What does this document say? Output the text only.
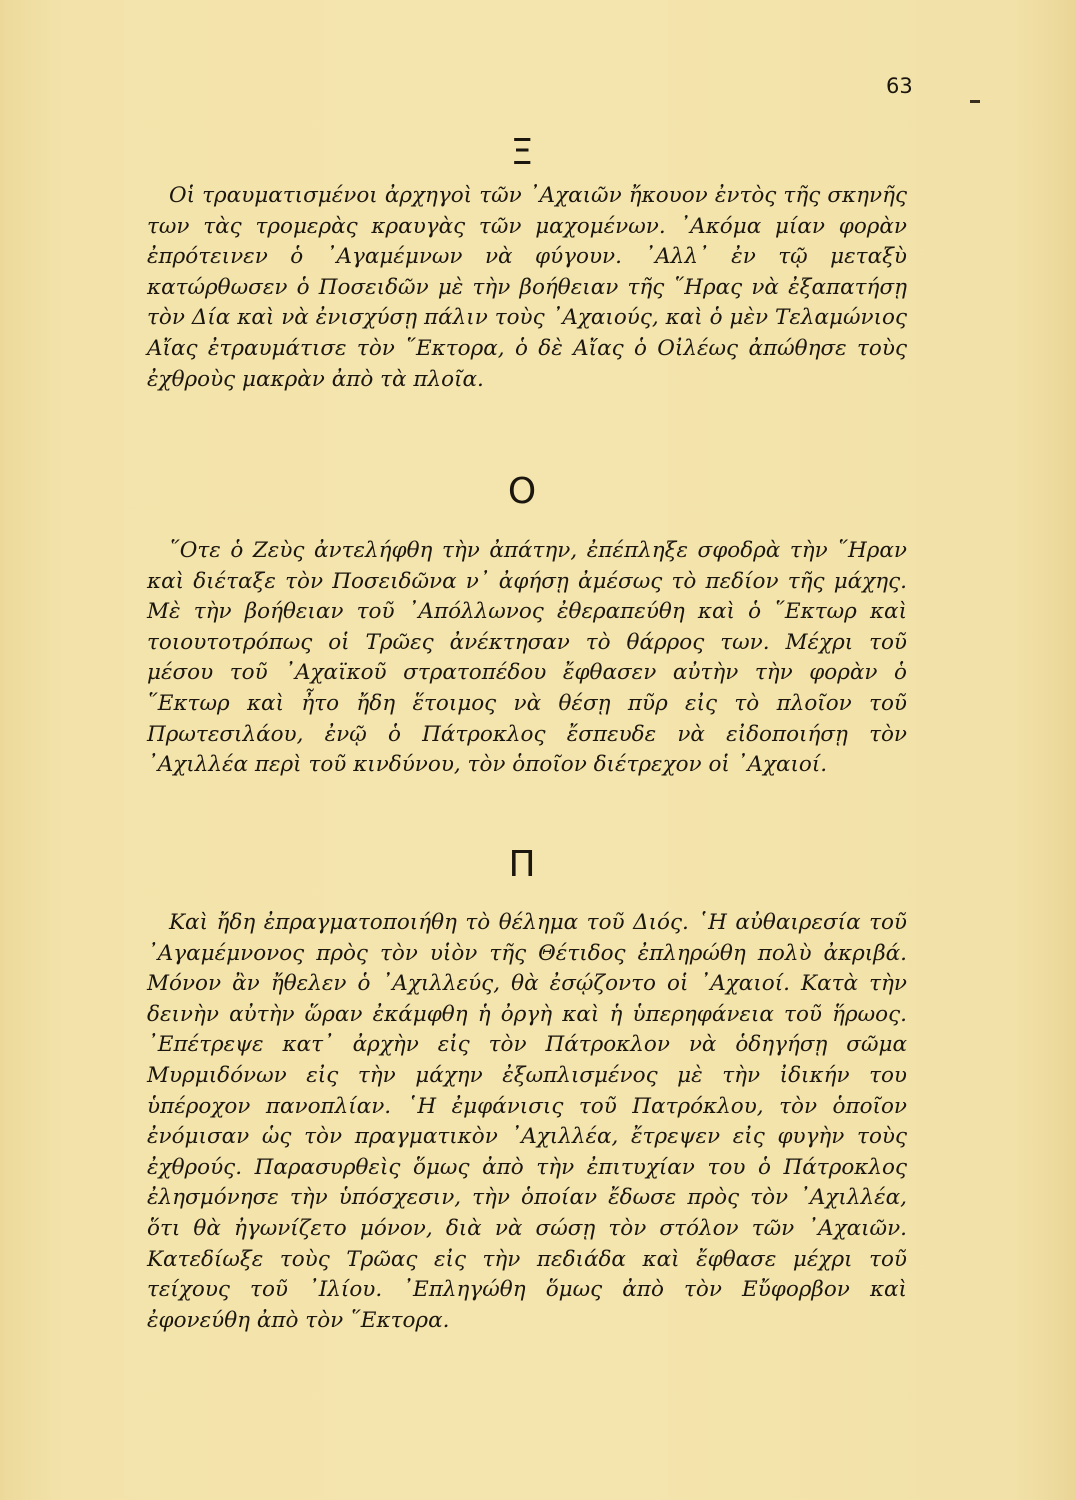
63
Ξ

Οἱ τραυματισμένοι ἀρχηγοὶ τῶν ᾿Αχαιῶν ἤκουον ἐντὸς τῆς σκηνῆς των τὰς τρομερὰς κραυγὰς τῶν μαχομένων. ᾿Ακόμα μίαν φορὰν ἐπρότεινεν ὁ ᾿Αγαμέμνων νὰ φύγουν. ᾿Αλλ᾿ ἐν τῷ μεταξὺ κατώρθωσεν ὁ Ποσειδῶν μὲ τὴν βοήθειαν τῆς ῞Ηρας νὰ ἐξαπατήσῃ τὸν Δία καὶ νὰ ἐνισχύσῃ πάλιν τοὺς ᾿Αχαιούς, καὶ ὁ μὲν Τελαμώνιος Αἴας ἐτραυμάτισε τὸν ῞Εκτορα, ὁ δὲ Αἴας ὁ Οἰλέως ἀπώθησε τοὺς ἐχθροὺς μακρὰν ἀπὸ τὰ πλοῖα.

Ο

῞Οτε ὁ Ζεὺς ἀντελήφθη τὴν ἀπάτην, ἐπέπληξε σφοδρὰ τὴν ῞Ηραν καὶ διέταξε τὸν Ποσειδῶνα ν᾿ ἀφήσῃ ἀμέσως τὸ πεδίον τῆς μάχης. Μὲ τὴν βοήθειαν τοῦ ᾿Απόλλωνος ἐθεραπεύθη καὶ ὁ ῞Εκτωρ καὶ τοιουτοτρόπως οἱ Τρῶες ἀνέκτησαν τὸ θάρρος των. Μέχρι τοῦ μέσου τοῦ ᾿Αχαϊκοῦ στρατοπέδου ἔφθασεν αὐτὴν τὴν φορὰν ὁ ῞Εκτωρ καὶ ἦτο ἤδη ἕτοιμος νὰ θέσῃ πῦρ εἰς τὸ πλοῖον τοῦ Πρωτεσιλάου, ἐνῷ ὁ Πάτροκλος ἔσπευδε νὰ εἰδοποιήσῃ τὸν ᾿Αχιλλέα περὶ τοῦ κινδύνου, τὸν ὁποῖον διέτρεχον οἱ ᾿Αχαιοί.

Π

Καὶ ἤδη ἐπραγματοποιήθη τὸ θέλημα τοῦ Διός. ῾Η αὐθαιρεσία τοῦ ᾿Αγαμέμνονος πρὸς τὸν υἱὸν τῆς Θέτιδος ἐπληρώθη πολὺ ἀκριβά. Μόνον ἂν ἤθελεν ὁ ᾿Αχιλλεύς, θὰ ἐσῴζοντο οἱ ᾿Αχαιοί. Κατὰ τὴν δεινὴν αὐτὴν ὥραν ἐκάμφθη ἡ ὀργὴ καὶ ἡ ὑπερηφάνεια τοῦ ἥρωος. ᾿Επέτρεψε κατ᾿ ἀρχὴν εἰς τὸν Πάτροκλον νὰ ὁδηγήσῃ σῶμα Μυρμιδόνων εἰς τὴν μάχην ἐξωπλισμένος μὲ τὴν ἰδικήν του ὑπέροχον πανοπλίαν. ῾Η ἐμφάνισις τοῦ Πατρόκλου, τὸν ὁποῖον ἐνόμισαν ὡς τὸν πραγματικὸν ᾿Αχιλλέα, ἔτρεψεν εἰς φυγὴν τοὺς ἐχθρούς. Παρασυρθεὶς ὅμως ἀπὸ τὴν ἐπιτυχίαν του ὁ Πάτροκλος ἐλησμόνησε τὴν ὑπόσχεσιν, τὴν ὁποίαν ἔδωσε πρὸς τὸν ᾿Αχιλλέα, ὅτι θὰ ἠγωνίζετο μόνον, διὰ νὰ σώσῃ τὸν στόλον τῶν ᾿Αχαιῶν. Κατεδίωξε τοὺς Τρῶας εἰς τὴν πεδιάδα καὶ ἔφθασε μέχρι τοῦ τείχους τοῦ ᾿Ιλίου. ᾿Επληγώθη ὅμως ἀπὸ τὸν Εὔφορβον καὶ ἐφονεύθη ἀπὸ τὸν ῞Εκτορα.
